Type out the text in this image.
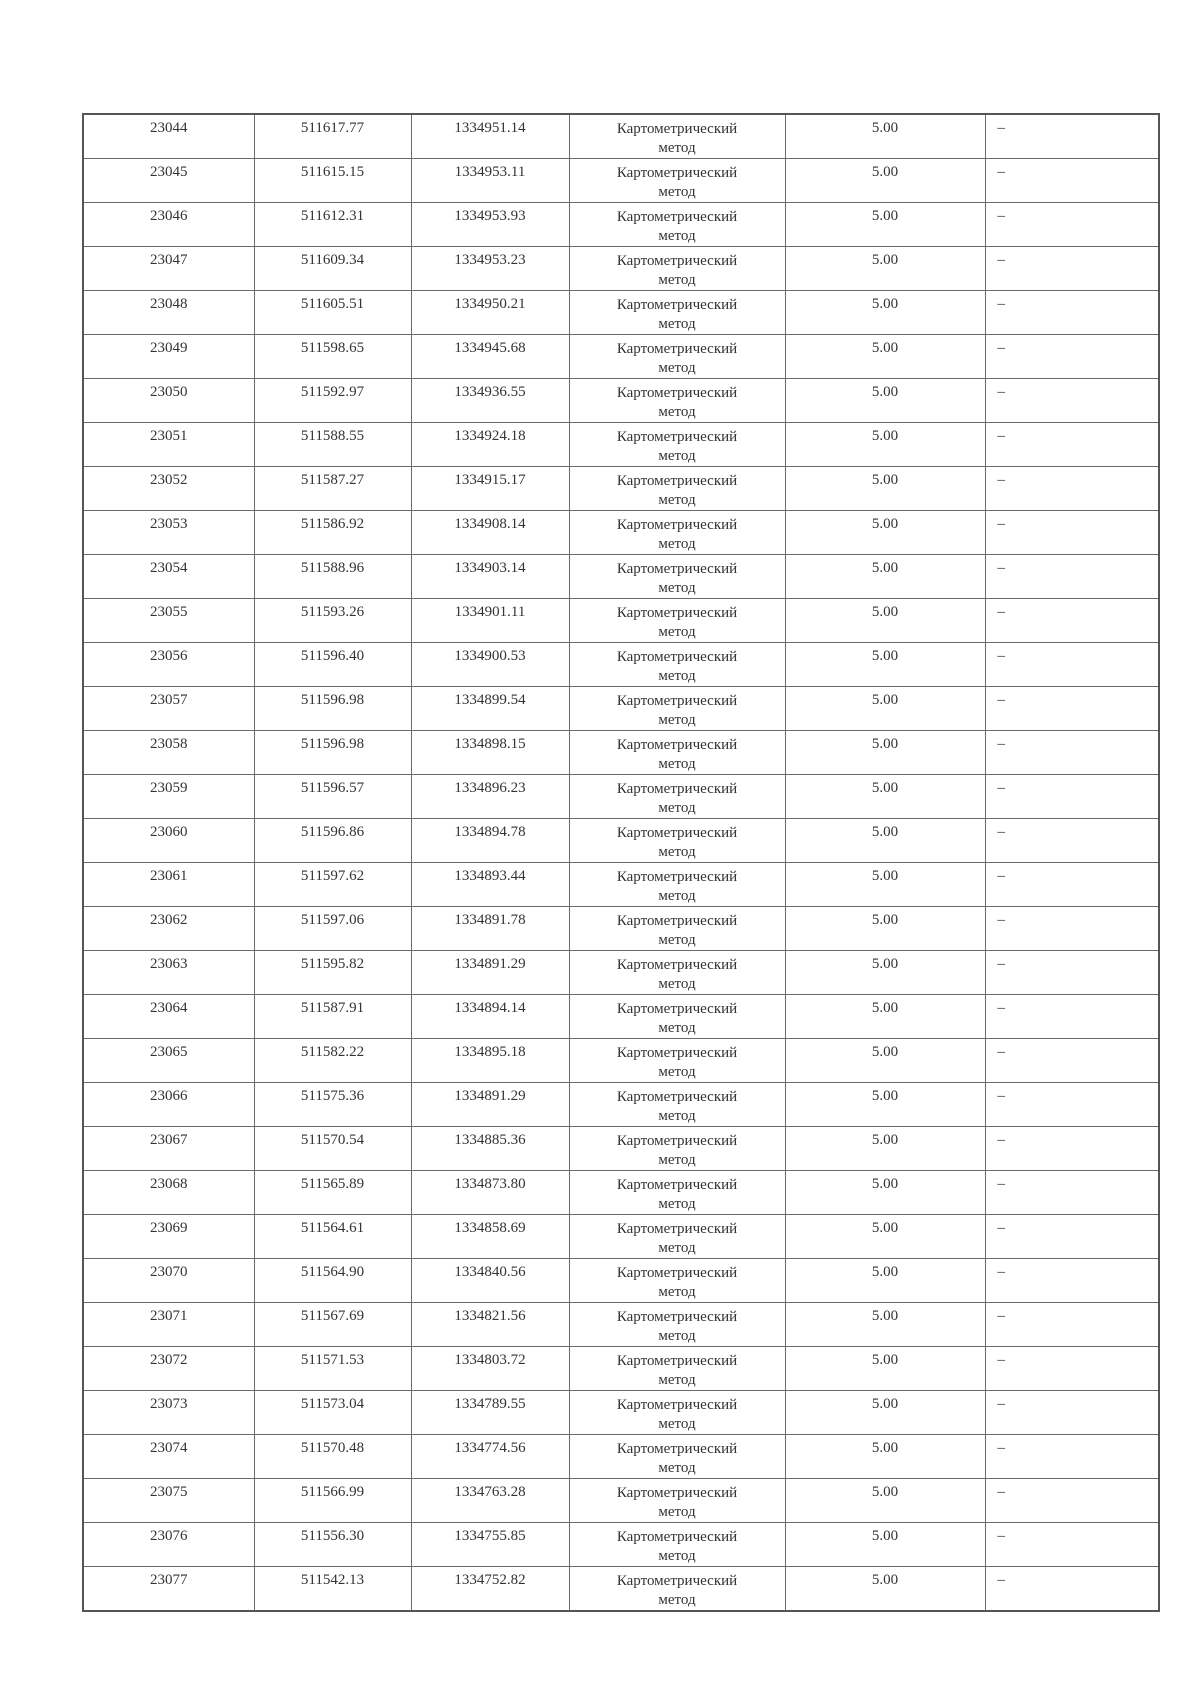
23044	511617.77	1334951.14	Картометрический
метод	5.00	–
23045	511615.15	1334953.11	Картометрический
метод	5.00	–
23046	511612.31	1334953.93	Картометрический
метод	5.00	–
23047	511609.34	1334953.23	Картометрический
метод	5.00	–
23048	511605.51	1334950.21	Картометрический
метод	5.00	–
23049	511598.65	1334945.68	Картометрический
метод	5.00	–
23050	511592.97	1334936.55	Картометрический
метод	5.00	–
23051	511588.55	1334924.18	Картометрический
метод	5.00	–
23052	511587.27	1334915.17	Картометрический
метод	5.00	–
23053	511586.92	1334908.14	Картометрический
метод	5.00	–
23054	511588.96	1334903.14	Картометрический
метод	5.00	–
23055	511593.26	1334901.11	Картометрический
метод	5.00	–
23056	511596.40	1334900.53	Картометрический
метод	5.00	–
23057	511596.98	1334899.54	Картометрический
метод	5.00	–
23058	511596.98	1334898.15	Картометрический
метод	5.00	–
23059	511596.57	1334896.23	Картометрический
метод	5.00	–
23060	511596.86	1334894.78	Картометрический
метод	5.00	–
23061	511597.62	1334893.44	Картометрический
метод	5.00	–
23062	511597.06	1334891.78	Картометрический
метод	5.00	–
23063	511595.82	1334891.29	Картометрический
метод	5.00	–
23064	511587.91	1334894.14	Картометрический
метод	5.00	–
23065	511582.22	1334895.18	Картометрический
метод	5.00	–
23066	511575.36	1334891.29	Картометрический
метод	5.00	–
23067	511570.54	1334885.36	Картометрический
метод	5.00	–
23068	511565.89	1334873.80	Картометрический
метод	5.00	–
23069	511564.61	1334858.69	Картометрический
метод	5.00	–
23070	511564.90	1334840.56	Картометрический
метод	5.00	–
23071	511567.69	1334821.56	Картометрический
метод	5.00	–
23072	511571.53	1334803.72	Картометрический
метод	5.00	–
23073	511573.04	1334789.55	Картометрический
метод	5.00	–
23074	511570.48	1334774.56	Картометрический
метод	5.00	–
23075	511566.99	1334763.28	Картометрический
метод	5.00	–
23076	511556.30	1334755.85	Картометрический
метод	5.00	–
23077	511542.13	1334752.82	Картометрический
метод	5.00	–
